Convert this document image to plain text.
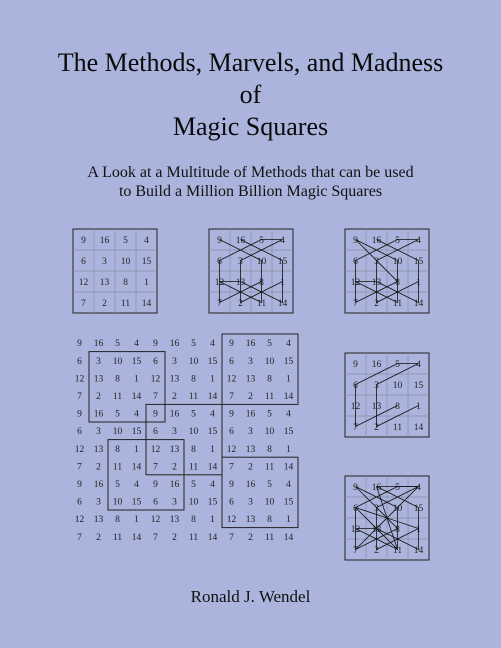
The Methods, Marvels, and Madness
of
Magic Squares
A Look at a Multitude of Methods that can be used
to Build a Million Billion Magic Squares
9 16 5 4
6 3 10 15
12 13 8 1
7 2 11 14
9 16 5 4
6 3 10 15
12 13 8 1
7 2 11 14
9 16 5 4
6 3 10 15
12 13 8 1
7 2 11 14
9 16 5 4
6 3 10 15
12 13 8 1
7 2 11 14
9 16 5 4
6 3 10 15
12 13 8 1
7 2 11 14
9 16 5 4 9 16 5 4 9 16 5 4
6 3 10 15 6 3 10 15 6 3 10 15
12 13 8 1 12 13 8 1 12 13 8 1
7 2 11 14 7 2 11 14 7 2 11 14
9 16 5 4 9 16 5 4 9 16 5 4
6 3 10 15 6 3 10 15 6 3 10 15
12 13 8 1 12 13 8 1 12 13 8 1
7 2 11 14 7 2 11 14 7 2 11 14
9 16 5 4 9 16 5 4 9 16 5 4
6 3 10 15 6 3 10 15 6 3 10 15
12 13 8 1 12 13 8 1 12 13 8 1
7 2 11 14 7 2 11 14 7 2 11 14
Ronald J. Wendel
